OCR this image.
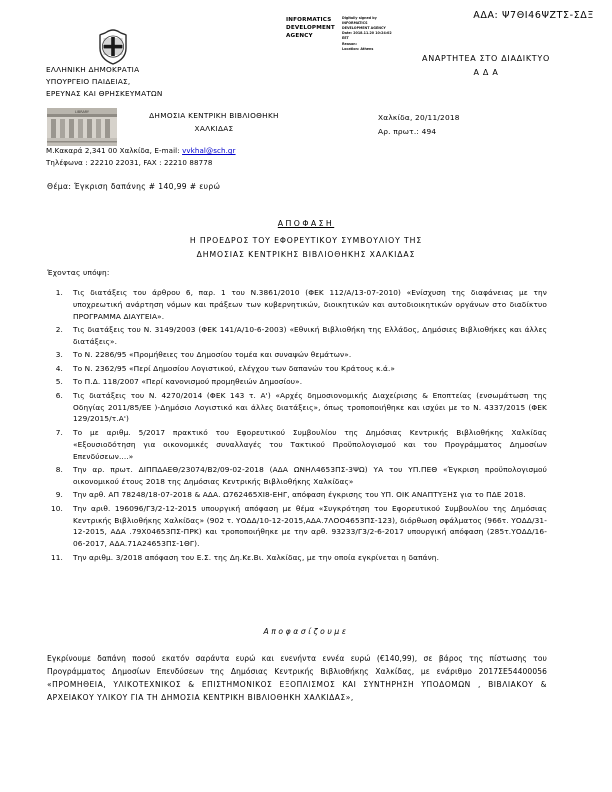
ΑΔΑ: Ψ7ΘΙ46ΨΖΤΣ-ΣΔΞ
INFORMATICS DEVELOPMENT AGENCY
Digitally signed by
INFORMATICS
DEVELOPMENT AGENCY
Date: 2018.11.20 10:24:02
EET
Reason:
Location: Athens
ΑΝΑΡΤΗΤΕΑ ΣΤΟ ΔΙΑΔΙΚΤΥΟ
Α Δ Α
ΕΛΛΗΝΙΚΗ ΔΗΜΟΚΡΑΤΙΑ
ΥΠΟΥΡΓΕΙΟ ΠΑΙΔΕΙΑΣ,
ΕΡΕΥΝΑΣ ΚΑΙ ΘΡΗΣΚΕΥΜΑΤΩΝ
LIBRARY	ΔΗΜΟΣΙΑ ΚΕΝΤΡΙΚΗ ΒΙΒΛΙΟΘΗΚΗ
ΧΑΛΚΙΔΑΣ
Μ.Κακαρά 2,341 00 Χαλκίδα, E-mail: vvkhal@sch.gr
Τηλέφωνα : 22210 22031, FAX : 22210 88778
Χαλκίδα, 20/11/2018
Αρ. πρωτ.: 494
Θέμα: Έγκριση δαπάνης # 140,99 # ευρώ
ΑΠΟΦΑΣΗ
Η ΠΡΟΕΔΡΟΣ ΤΟΥ ΕΦΟΡΕΥΤΙΚΟΥ ΣΥΜΒΟΥΛΙΟΥ ΤΗΣ
ΔΗΜΟΣΙΑΣ ΚΕΝΤΡΙΚΗΣ ΒΙΒΛΙΟΘΗΚΗΣ ΧΑΛΚΙΔΑΣ
Έχοντας υπόψη:
1.	Τις διατάξεις του άρθρου 6, παρ. 1 του Ν.3861/2010 (ΦΕΚ 112/Α/13-07-2010) «Ενίσχυση της διαφάνειας με την υποχρεωτική ανάρτηση νόμων και πράξεων των κυβερνητικών, διοικητικών και αυτοδιοικητικών οργάνων στο διαδίκτυο ΠΡΟΓΡΑΜΜΑ ΔΙΑΥΓΕΙΑ».
2.	Τις διατάξεις του Ν. 3149/2003 (ΦΕΚ 141/Α/10-6-2003) «Εθνική Βιβλιοθήκη της Ελλάδος, Δημόσιες Βιβλιοθήκες και άλλες διατάξεις».
3.	Το Ν. 2286/95 «Προμήθειες του Δημοσίου τομέα και συναψών θεμάτων».
4.	Το Ν. 2362/95 «Περί Δημοσίου Λογιστικού, ελέγχου των δαπανών του Κράτους κ.ά.»
5.	Το Π.Δ. 118/2007 «Περί κανονισμού προμηθειών Δημοσίου».
6.	Τις διατάξεις του Ν. 4270/2014 (ΦΕΚ 143 τ. Α') «Αρχές δημοσιονομικής Διαχείρισης & Εποπτείας (ενσωμάτωση της Οδηγίας 2011/85/ΕΕ )-Δημόσιο Λογιστικό και άλλες διατάξεις», όπως τροποποιήθηκε και ισχύει με το Ν. 4337/2015 (ΦΕΚ 129/2015/τ.Α')
7.	Το με αριθμ. 5/2017 πρακτικό του Εφορευτικού Συμβουλίου της Δημόσιας Κεντρικής Βιβλιοθήκης Χαλκίδας «Εξουσιοδότηση για οικονομικές συναλλαγές του Τακτικού Προϋπολογισμού και του Προγράμματος Δημοσίων Επενδύσεων....»
8.	Την αρ. πρωτ. ΔΙΠΠΔΑΕΘ/23074/Β2/09-02-2018 (ΑΔΑ ΩΝΗΛ4653ΠΣ-3ΨΩ) ΥΑ του ΥΠ.ΠΕΘ «Έγκριση προϋπολογισμού οικονομικού έτους 2018 της Δημόσιας Κεντρικής Βιβλιοθήκης Χαλκίδας»
9.	Την αρθ. ΑΠ 78248/18-07-2018 & ΑΔΑ. Ω762465ΧΙ8-ΕΗΓ, απόφαση έγκρισης του ΥΠ. ΟΙΚ ΑΝΑΠΤΥΞΗΣ για το ΠΔΕ 2018.
10.	Την αριθ. 196096/Γ3/2-12-2015 υπουργική απόφαση με θέμα «Συγκρότηση του Εφορευτικού Συμβουλίου της Δημόσιας Κεντρικής Βιβλιοθήκης Χαλκίδας» (902 τ. ΥΟΔΔ/10-12-2015,ΑΔΑ.7ΛΟΟ4653ΠΣ-123), διόρθωση σφάλματος (966τ. ΥΟΔΔ/31-12-2015, ΑΔΑ .79Χ04653ΠΣ-ΠΡΚ) και τροποποιήθηκε με την αρθ. 93233/Γ3/2-6-2017 υπουργική απόφαση (285τ.ΥΟΔΔ/16-06-2017, ΑΔΑ.71Α24653ΠΣ-1ΘΓ).
11.	Την αριθμ. 3/2018 απόφαση του Ε.Σ. της Δη.Κε.Βι. Χαλκίδας, με την οποία εγκρίνεται η δαπάνη.
Αποφασίζουμε
Εγκρίνουμε δαπάνη ποσού εκατόν σαράντα ευρώ και ενενήντα εννέα ευρώ (€140,99), σε βάρος της πίστωσης του Προγράμματος Δημοσίων Επενδύσεων της Δημόσιας Κεντρικής Βιβλιοθήκης Χαλκίδας, με ενάριθμο 2017ΣΕ54400056 «ΠΡΟΜΗΘΕΙΑ, ΥΛΙΚΟΤΕΧΝΙΚΟΣ & ΕΠΙΣΤΗΜΟΝΙΚΟΣ ΕΞΟΠΛΙΣΜΟΣ ΚΑΙ ΣΥΝΤΗΡΗΣΗ ΥΠΟΔΟΜΩΝ , ΒΙΒΛΙΑΚΟΥ & ΑΡΧΕΙΑΚΟΥ ΥΛΙΚΟΥ ΓΙΑ ΤΗ ΔΗΜΟΣΙΑ ΚΕΝΤΡΙΚΗ ΒΙΒΛΙΟΘΗΚΗ ΧΑΛΚΙΔΑΣ»,
